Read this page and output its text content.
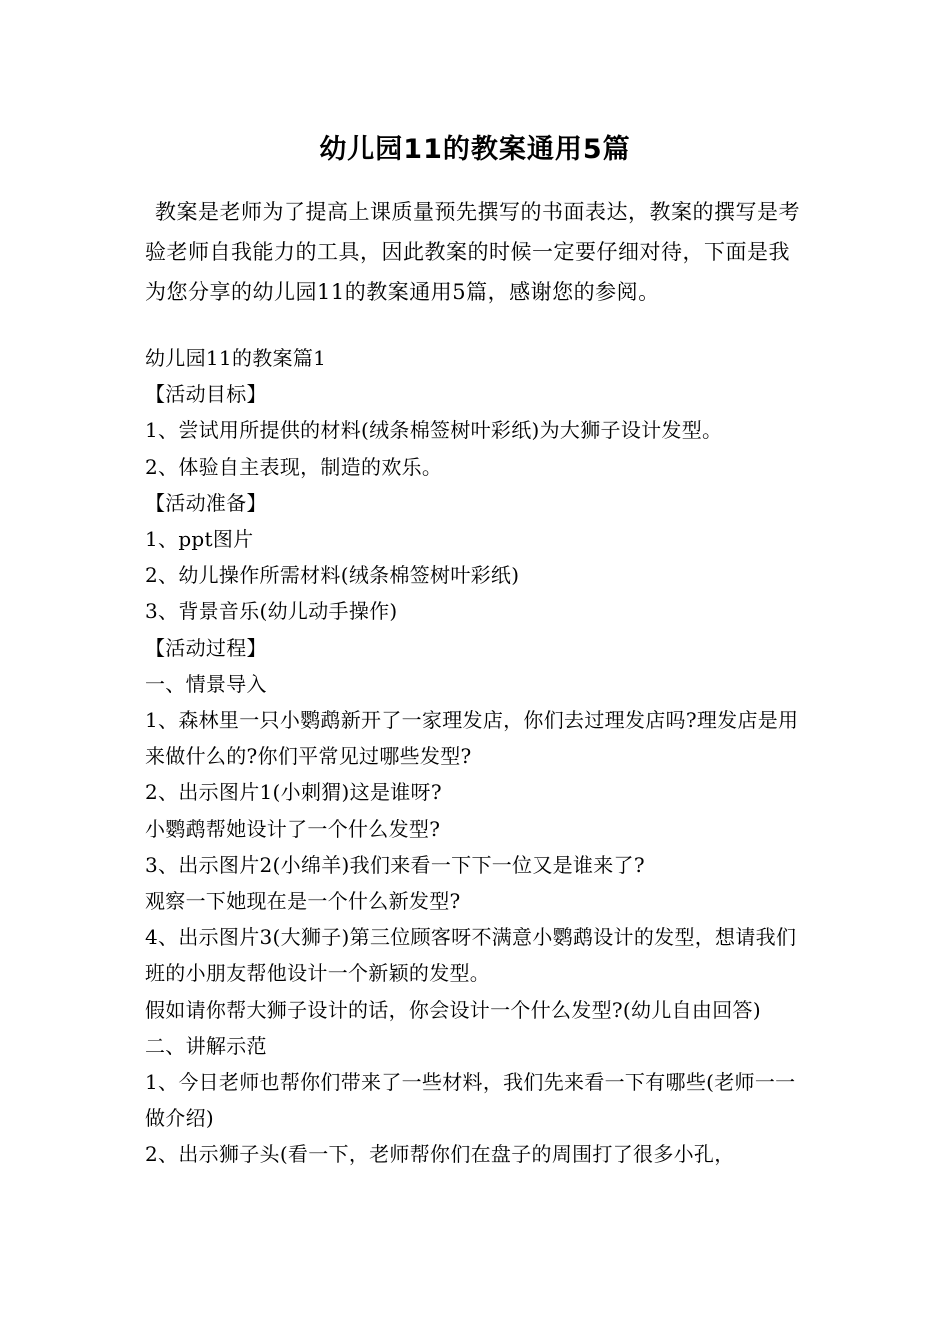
幼儿园11的教案通用5篇

教案是老师为了提高上课质量预先撰写的书面表达，教案的撰写是考验老师自我能力的工具，因此教案的时候一定要仔细对待，下面是我为您分享的幼儿园11的教案通用5篇，感谢您的参阅。

幼儿园11的教案篇1

【活动目标】

1、尝试用所提供的材料(绒条棉签树叶彩纸)为大狮子设计发型。

2、体验自主表现，制造的欢乐。

【活动准备】

1、ppt图片

2、幼儿操作所需材料(绒条棉签树叶彩纸)

3、背景音乐(幼儿动手操作)

【活动过程】

一、情景导入

1、森林里一只小鹦鹉新开了一家理发店，你们去过理发店吗?理发店是用来做什么的?你们平常见过哪些发型?

2、出示图片1(小刺猬)这是谁呀?

小鹦鹉帮她设计了一个什么发型?

3、出示图片2(小绵羊)我们来看一下下一位又是谁来了?

观察一下她现在是一个什么新发型?

4、出示图片3(大狮子)第三位顾客呀不满意小鹦鹉设计的发型，想请我们班的小朋友帮他设计一个新颖的发型。

假如请你帮大狮子设计的话，你会设计一个什么发型?(幼儿自由回答)

二、讲解示范

1、今日老师也帮你们带来了一些材料，我们先来看一下有哪些(老师一一做介绍)

2、出示狮子头(看一下，老师帮你们在盘子的周围打了很多小孔，
